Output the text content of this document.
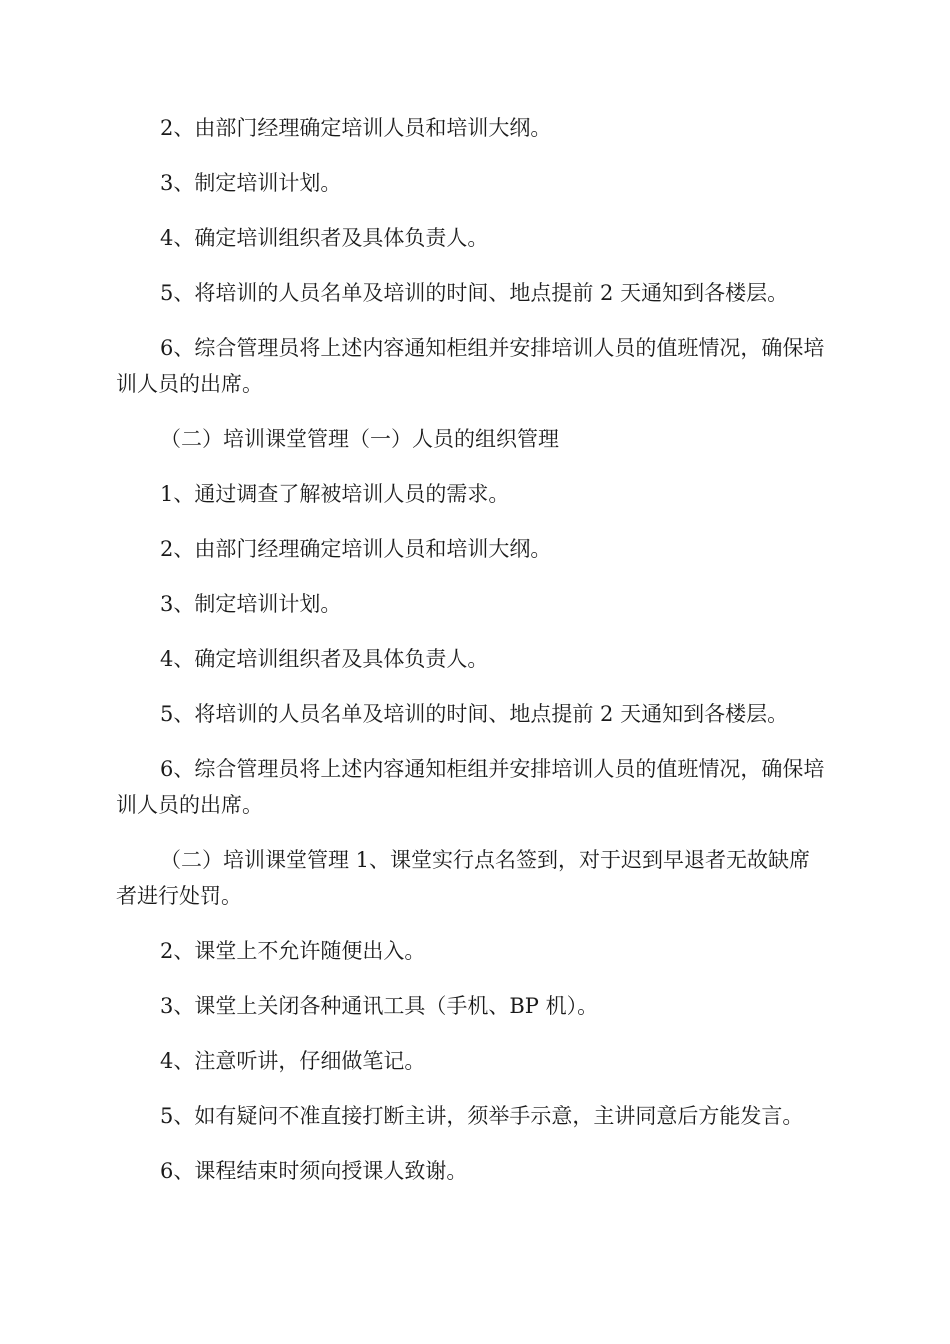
2、由部门经理确定培训人员和培训大纲。

3、制定培训计划。

4、确定培训组织者及具体负责人。

5、将培训的人员名单及培训的时间、地点提前 2 天通知到各楼层。

6、综合管理员将上述内容通知柜组并安排培训人员的值班情况，确保培训人员的出席。

（二）培训课堂管理（一）人员的组织管理

1、通过调查了解被培训人员的需求。

2、由部门经理确定培训人员和培训大纲。

3、制定培训计划。

4、确定培训组织者及具体负责人。

5、将培训的人员名单及培训的时间、地点提前 2 天通知到各楼层。

6、综合管理员将上述内容通知柜组并安排培训人员的值班情况，确保培训人员的出席。

（二）培训课堂管理 1、课堂实行点名签到，对于迟到早退者无故缺席者进行处罚。

2、课堂上不允许随便出入。

3、课堂上关闭各种通讯工具（手机、BP 机）。

4、注意听讲，仔细做笔记。

5、如有疑问不准直接打断主讲，须举手示意，主讲同意后方能发言。

6、课程结束时须向授课人致谢。
